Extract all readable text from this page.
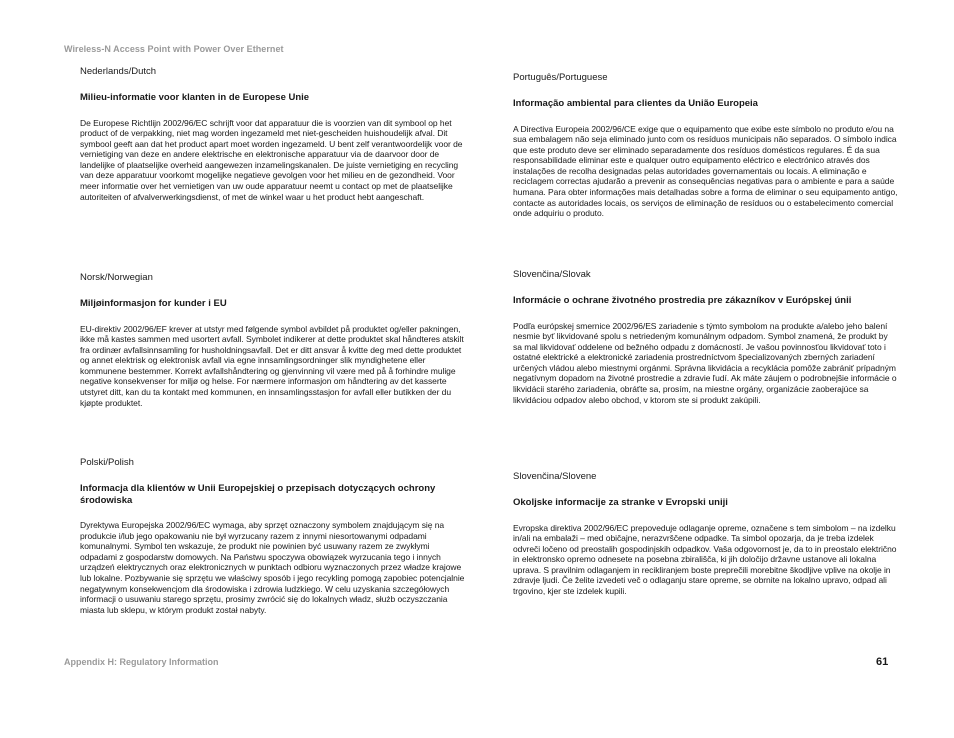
Wireless-N Access Point with Power Over Ethernet
Nederlands/Dutch
Milieu-informatie voor klanten in de Europese Unie

De Europese Richtlijn 2002/96/EC schrijft voor dat apparatuur die is voorzien van dit symbool op het product of de verpakking, niet mag worden ingezameld met niet-gescheiden huishoudelijk afval. Dit symbool geeft aan dat het product apart moet worden ingezameld. U bent zelf verantwoordelijk voor de vernietiging van deze en andere elektrische en elektronische apparatuur via de daarvoor door de landelijke of plaatselijke overheid aangewezen inzamelingskanalen. De juiste vernietiging en recycling van deze apparatuur voorkomt mogelijke negatieve gevolgen voor het milieu en de gezondheid. Voor meer informatie over het vernietigen van uw oude apparatuur neemt u contact op met de plaatselijke autoriteiten of afvalverwerkingsdienst, of met de winkel waar u het product hebt aangeschaft.

Norsk/Norwegian
Miljøinformasjon for kunder i EU

EU-direktiv 2002/96/EF krever at utstyr med følgende symbol avbildet på produktet og/eller pakningen, ikke må kastes sammen med usortert avfall. Symbolet indikerer at dette produktet skal håndteres atskilt fra ordinær avfallsinnsamling for husholdningsavfall. Det er ditt ansvar å kvitte deg med dette produktet og annet elektrisk og elektronisk avfall via egne innsamlingsordninger slik myndighetene eller kommunene bestemmer. Korrekt avfallshåndtering og gjenvinning vil være med på å forhindre mulige negative konsekvenser for miljø og helse. For nærmere informasjon om håndtering av det kasserte utstyret ditt, kan du ta kontakt med kommunen, en innsamlingsstasjon for avfall eller butikken der du kjøpte produktet.

Polski/Polish
Informacja dla klientów w Unii Europejskiej o przepisach dotyczących ochrony środowiska

Dyrektywa Europejska 2002/96/EC wymaga, aby sprzęt oznaczony symbolem znajdującym się na produkcie i/lub jego opakowaniu nie był wyrzucany razem z innymi niesortowanymi odpadami komunalnymi. Symbol ten wskazuje, że produkt nie powinien być usuwany razem ze zwykłymi odpadami z gospodarstw domowych. Na Państwu spoczywa obowiązek wyrzucania tego i innych urządzeń elektrycznych oraz elektronicznych w punktach odbioru wyznaczonych przez władze krajowe lub lokalne. Pozbywanie się sprzętu we właściwy sposób i jego recykling pomogą zapobiec potencjalnie negatywnym konsekwencjom dla środowiska i zdrowia ludzkiego. W celu uzyskania szczegółowych informacji o usuwaniu starego sprzętu, prosimy zwrócić się do lokalnych władz, służb oczyszczania miasta lub sklepu, w którym produkt został nabyty.

Português/Portuguese
Informação ambiental para clientes da União Europeia

A Directiva Europeia 2002/96/CE exige que o equipamento que exibe este símbolo no produto e/ou na sua embalagem não seja eliminado junto com os resíduos municipais não separados. O símbolo indica que este produto deve ser eliminado separadamente dos resíduos domésticos regulares. É da sua responsabilidade eliminar este e qualquer outro equipamento eléctrico e electrónico através dos instalações de recolha designadas pelas autoridades governamentais ou locais. A eliminação e reciclagem correctas ajudarão a prevenir as consequências negativas para o ambiente e para a saúde humana. Para obter informações mais detalhadas sobre a forma de eliminar o seu equipamento antigo, contacte as autoridades locais, os serviços de eliminação de resíduos ou o estabelecimento comercial onde adquiriu o produto.

Slovenčina/Slovak
Informácie o ochrane životného prostredia pre zákazníkov v Európskej únii

Podľa európskej smernice 2002/96/ES zariadenie s týmto symbolom na produkte a/alebo jeho balení nesmie byť likvidované spolu s netriedeným komunálnym odpadom. Symbol znamená, že produkt by sa mal likvidovať oddelene od bežného odpadu z domácností. Je vašou povinnosťou likvidovať toto i ostatné elektrické a elektronické zariadenia prostredníctvom špecializovaných zberných zariadení určených vládou alebo miestnymi orgánmi. Správna likvidácia a recyklácia pomôže zabrániť prípadným negatívnym dopadom na životné prostredie a zdravie ľudí. Ak máte záujem o podrobnejšie informácie o likvidácii starého zariadenia, obráťte sa, prosím, na miestne orgány, organizácie zaoberajúce sa likvidáciou odpadov alebo obchod, v ktorom ste si produkt zakúpili.

Slovenčina/Slovene
Okoljske informacije za stranke v Evropski uniji

Evropska direktiva 2002/96/EC prepoveduje odlaganje opreme, označene s tem simbolom – na izdelku in/ali na embalaži – med običajne, nerazvrščene odpadke. Ta simbol opozarja, da je treba izdelek odvreči ločeno od preostalih gospodinjskih odpadkov. Vaša odgovornost je, da to in preostalo električno in elektronsko opremo odnesete na posebna zbirališča, ki jih določijo državne ustanove ali lokalna uprava. S pravilnim odlaganjem in recikliranjem boste preprečili morebitne škodljive vplive na okolje in zdravje ljudi. Če želite izvedeti več o odlaganju stare opreme, se obrnite na lokalno upravo, odpad ali trgovino, kjer ste izdelek kupili.

Appendix H: Regulatory Information	61
